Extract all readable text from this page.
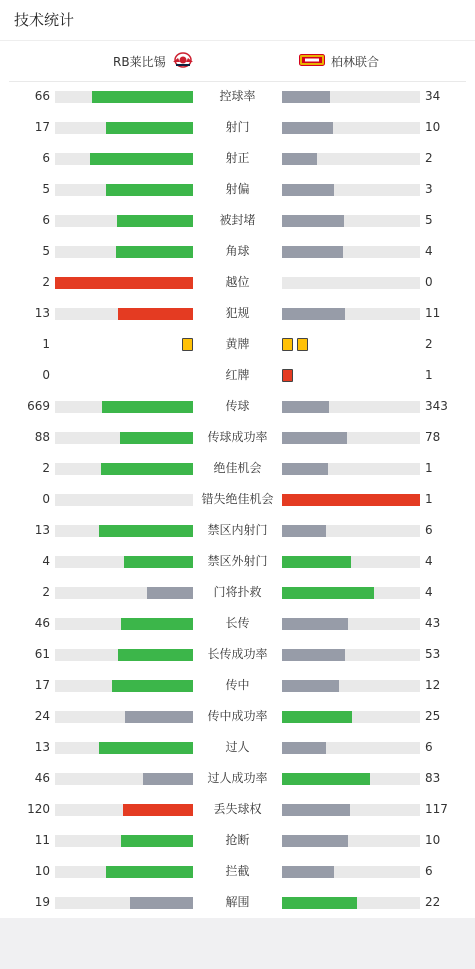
技术统计
RB莱比锡	柏林联合
66	控球率	34
17	射门	10
6	射正	2
5	射偏	3
6	被封堵	5
5	角球	4
2	越位	0
13	犯规	11
1	黄牌	2
0	红牌	1
669	传球	343
88	传球成功率	78
2	绝佳机会	1
0	错失绝佳机会	1
13	禁区内射门	6
4	禁区外射门	4
2	门将扑救	4
46	长传	43
61	长传成功率	53
17	传中	12
24	传中成功率	25
13	过人	6
46	过人成功率	83
120	丢失球权	117
11	抢断	10
10	拦截	6
19	解围	22
